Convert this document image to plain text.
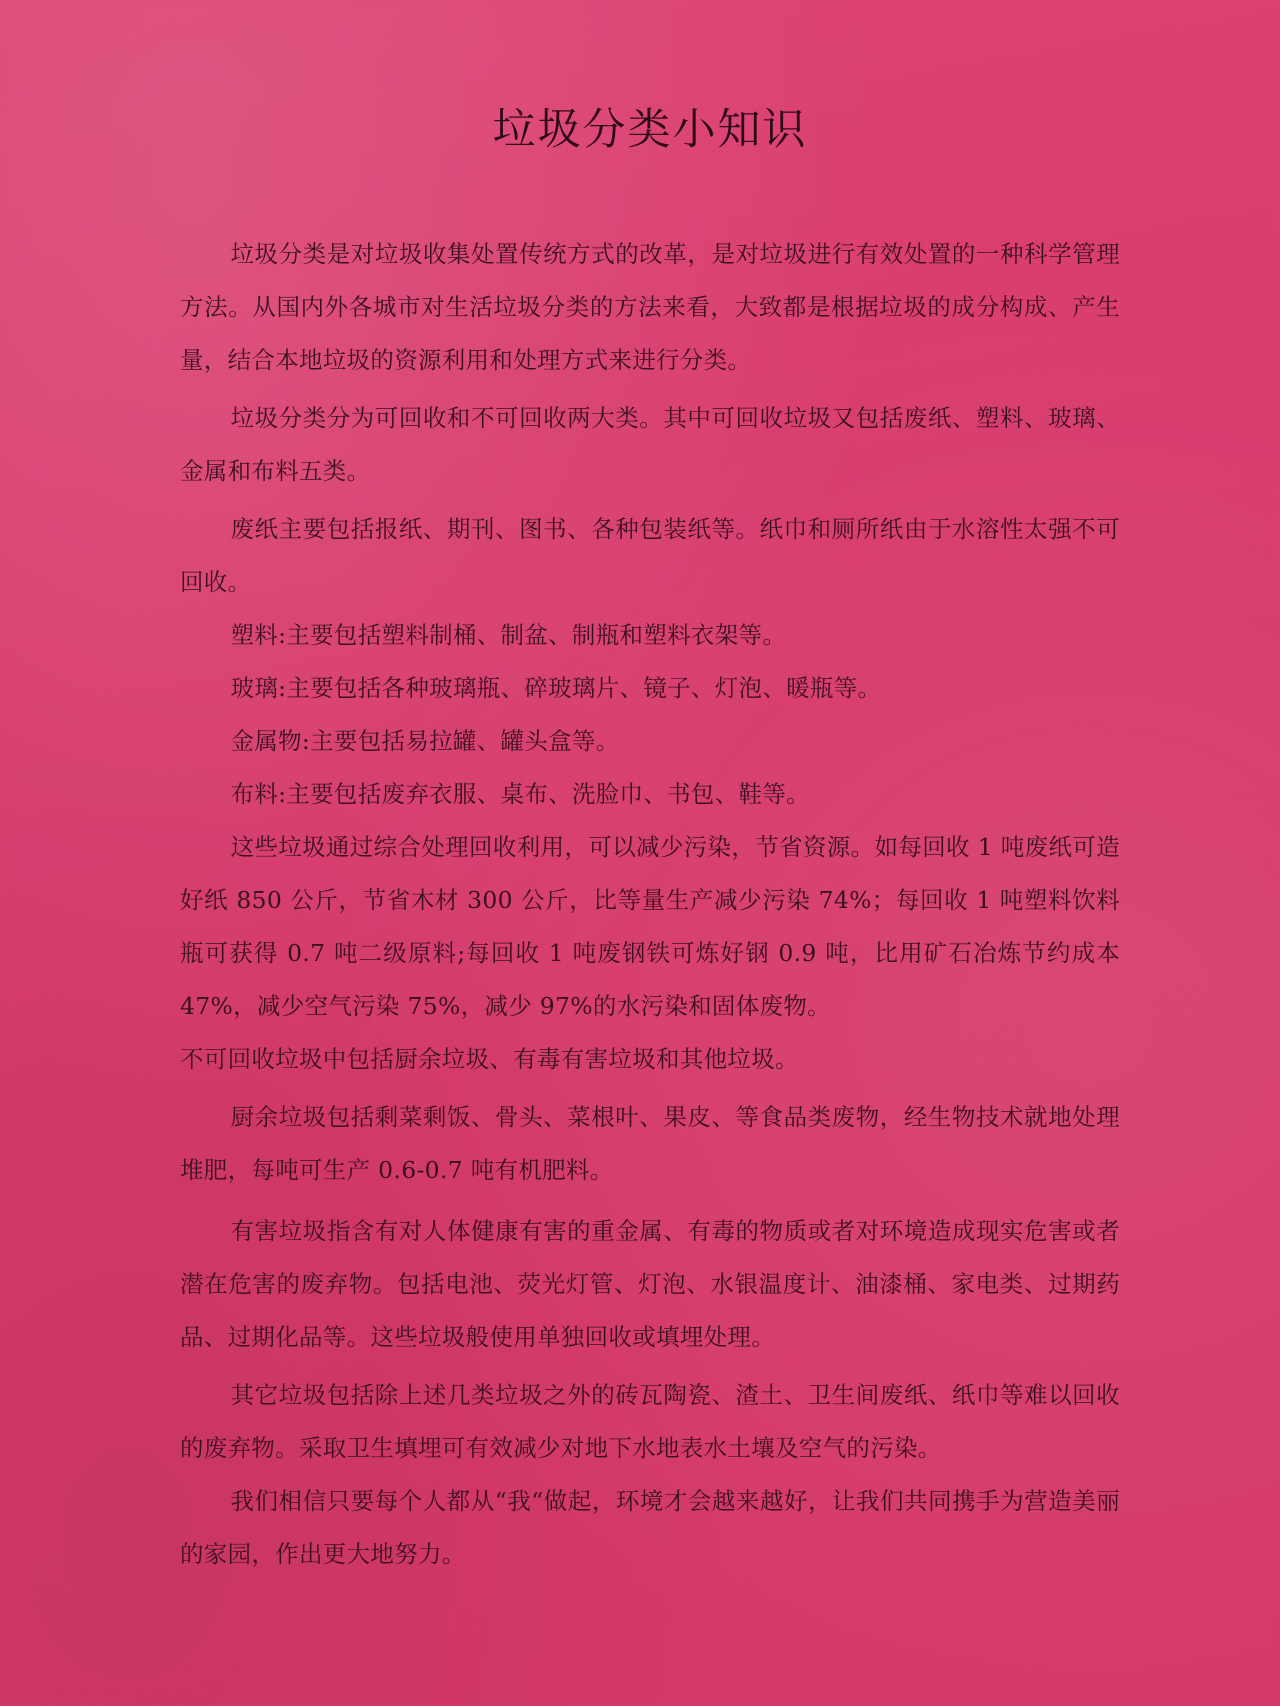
垃圾分类小知识

垃圾分类是对垃圾收集处置传统方式的改革，是对垃圾进行有效处置的一种科学管理方法。从国内外各城市对生活垃圾分类的方法来看，大致都是根据垃圾的成分构成、产生量，结合本地垃圾的资源利用和处理方式来进行分类。

垃圾分类分为可回收和不可回收两大类。其中可回收垃圾又包括废纸、塑料、玻璃、金属和布料五类。

废纸主要包括报纸、期刊、图书、各种包装纸等。纸巾和厕所纸由于水溶性太强不可回收。

塑料:主要包括塑料制桶、制盆、制瓶和塑料衣架等。

玻璃:主要包括各种玻璃瓶、碎玻璃片、镜子、灯泡、暖瓶等。

金属物:主要包括易拉罐、罐头盒等。

布料:主要包括废弃衣服、桌布、洗脸巾、书包、鞋等。

这些垃圾通过综合处理回收利用，可以减少污染，节省资源。如每回收 1 吨废纸可造好纸 850 公斤，节省木材 300 公斤，比等量生产减少污染 74%；每回收 1 吨塑料饮料瓶可获得 0.7 吨二级原料;每回收 1 吨废钢铁可炼好钢 0.9 吨，比用矿石冶炼节约成本 47%，减少空气污染 75%，减少 97%的水污染和固体废物。

不可回收垃圾中包括厨余垃圾、有毒有害垃圾和其他垃圾。

厨余垃圾包括剩菜剩饭、骨头、菜根叶、果皮、等食品类废物，经生物技术就地处理堆肥，每吨可生产 0.6-0.7 吨有机肥料。

有害垃圾指含有对人体健康有害的重金属、有毒的物质或者对环境造成现实危害或者潜在危害的废弃物。包括电池、荧光灯管、灯泡、水银温度计、油漆桶、家电类、过期药品、过期化品等。这些垃圾般使用单独回收或填埋处理。

其它垃圾包括除上述几类垃圾之外的砖瓦陶瓷、渣土、卫生间废纸、纸巾等难以回收的废弃物。采取卫生填埋可有效减少对地下水地表水土壤及空气的污染。

我们相信只要每个人都从“我“做起，环境才会越来越好，让我们共同携手为营造美丽的家园，作出更大地努力。
